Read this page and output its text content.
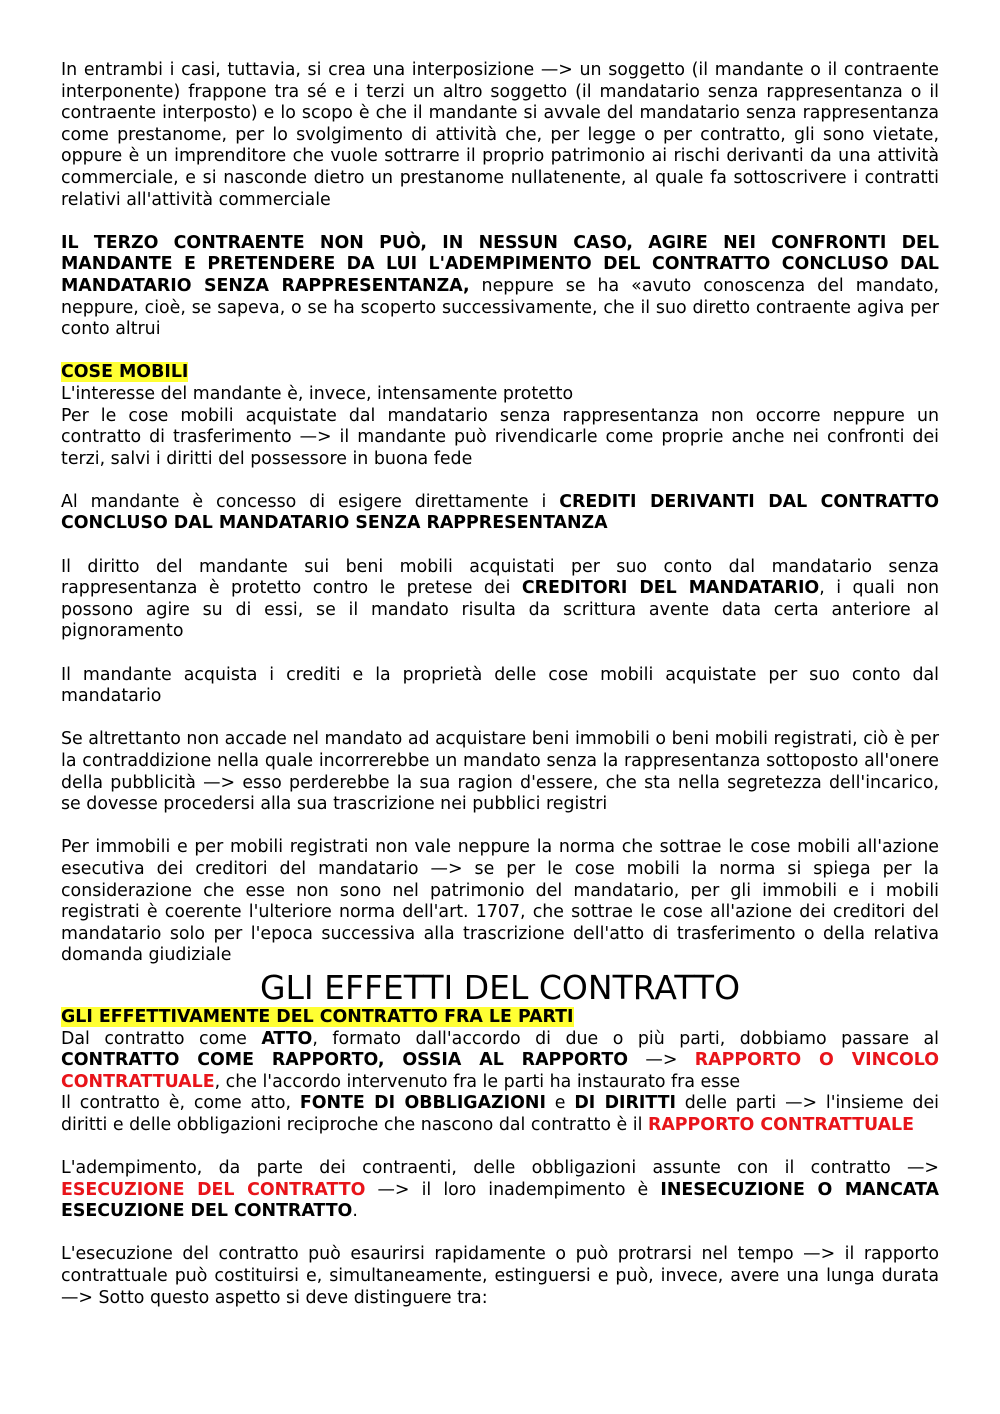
In entrambi i casi, tuttavia, si crea una interposizione —> un soggetto (il mandante o il contraente interponente) frappone tra sé e i terzi un altro soggetto (il mandatario senza rappresentanza o il contraente interposto) e lo scopo è che il mandante si avvale del mandatario senza rappresentanza come prestanome, per lo svolgimento di attività che, per legge o per contratto, gli sono vietate, oppure è un imprenditore che vuole sottrarre il proprio patrimonio ai rischi derivanti da una attività commerciale, e si nasconde dietro un prestanome nullatenente, al quale fa sottoscrivere i contratti relativi all'attività commerciale

IL TERZO CONTRAENTE NON PUÒ, IN NESSUN CASO, AGIRE NEI CONFRONTI DEL MANDANTE E PRETENDERE DA LUI L'ADEMPIMENTO DEL CONTRATTO CONCLUSO DAL MANDATARIO SENZA RAPPRESENTANZA, neppure se ha «avuto conoscenza del mandato, neppure, cioè, se sapeva, o se ha scoperto successivamente, che il suo diretto contraente agiva per conto altrui

COSE MOBILI

L'interesse del mandante è, invece, intensamente protetto

Per le cose mobili acquistate dal mandatario senza rappresentanza non occorre neppure un contratto di trasferimento —> il mandante può rivendicarle come proprie anche nei confronti dei terzi, salvi i diritti del possessore in buona fede

Al mandante è concesso di esigere direttamente i CREDITI DERIVANTI DAL CONTRATTO CONCLUSO DAL MANDATARIO SENZA RAPPRESENTANZA

Il diritto del mandante sui beni mobili acquistati per suo conto dal mandatario senza rappresentanza è protetto contro le pretese dei CREDITORI DEL MANDATARIO, i quali non possono agire su di essi, se il mandato risulta da scrittura avente data certa anteriore al pignoramento

Il mandante acquista i crediti e la proprietà delle cose mobili acquistate per suo conto dal mandatario

Se altrettanto non accade nel mandato ad acquistare beni immobili o beni mobili registrati, ciò è per la contraddizione nella quale incorrerebbe un mandato senza la rappresentanza sottoposto all'onere della pubblicità —> esso perderebbe la sua ragion d'essere, che sta nella segretezza dell'incarico, se dovesse procedersi alla sua trascrizione nei pubblici registri

Per immobili e per mobili registrati non vale neppure la norma che sottrae le cose mobili all'azione esecutiva dei creditori del mandatario —> se per le cose mobili la norma si spiega per la considerazione che esse non sono nel patrimonio del mandatario, per gli immobili e i mobili registrati è coerente l'ulteriore norma dell'art. 1707, che sottrae le cose all'azione dei creditori del mandatario solo per l'epoca successiva alla trascrizione dell'atto di trasferimento o della relativa domanda giudiziale

GLI EFFETTI DEL CONTRATTO

GLI EFFETTIVAMENTE DEL CONTRATTO FRA LE PARTI

Dal contratto come ATTO, formato dall'accordo di due o più parti, dobbiamo passare al CONTRATTO COME RAPPORTO, OSSIA AL RAPPORTO —> RAPPORTO O VINCOLO CONTRATTUALE, che l'accordo intervenuto fra le parti ha instaurato fra esse

Il contratto è, come atto, FONTE DI OBBLIGAZIONI e DI DIRITTI delle parti —> l'insieme dei diritti e delle obbligazioni reciproche che nascono dal contratto è il RAPPORTO CONTRATTUALE

L'adempimento, da parte dei contraenti, delle obbligazioni assunte con il contratto —> ESECUZIONE DEL CONTRATTO —> il loro inadempimento è INESECUZIONE O MANCATA ESECUZIONE DEL CONTRATTO.

L'esecuzione del contratto può esaurirsi rapidamente o può protrarsi nel tempo —> il rapporto contrattuale può costituirsi e, simultaneamente, estinguersi e può, invece, avere una lunga durata —> Sotto questo aspetto si deve distinguere tra:
